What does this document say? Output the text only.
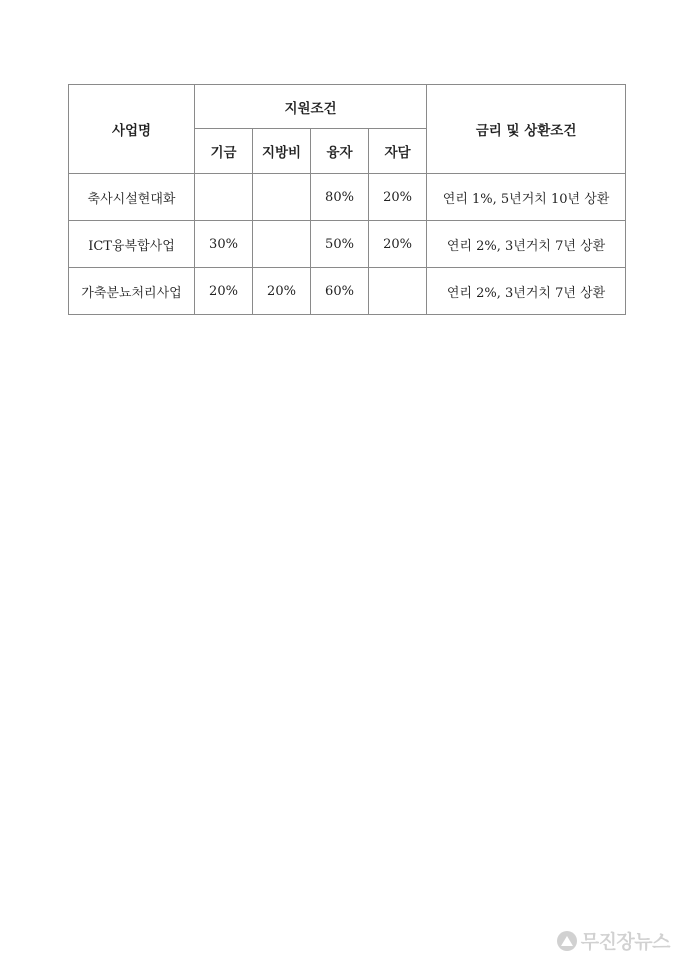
사업명	지원조건				금리 및 상환조건
	기금	지방비	융자	자담	
축사시설현대화			80%	20%	연리 1%, 5년거치 10년 상환
ICT융복합사업	30%		50%	20%	연리 2%, 3년거치 7년 상환
가축분뇨처리사업	20%	20%	60%		연리 2%, 3년거치 7년 상환
무진장뉴스
